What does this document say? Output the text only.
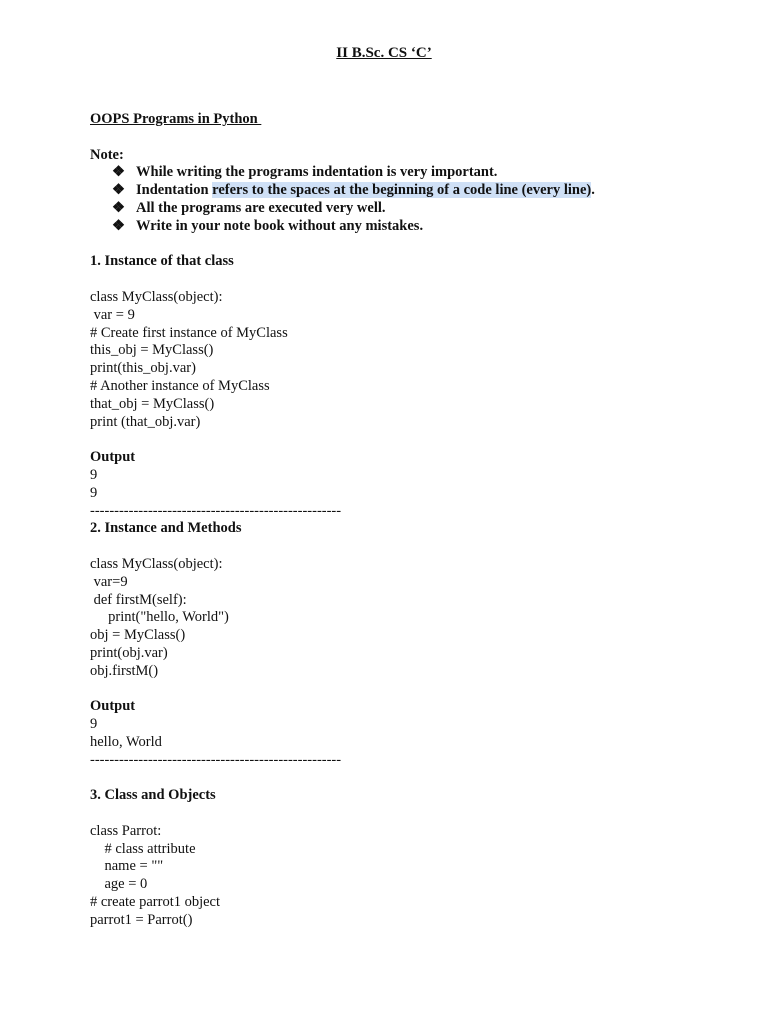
II B.Sc. CS ‘C’
OOPS Programs in Python
Note:
❖ While writing the programs indentation is very important.
❖ Indentation refers to the spaces at the beginning of a code line (every line).
❖ All the programs are executed very well.
❖ Write in your note book without any mistakes.
1. Instance of that class
class MyClass(object):
var = 9
# Create first instance of MyClass
this_obj = MyClass()
print(this_obj.var)
# Another instance of MyClass
that_obj = MyClass()
print (that_obj.var)
Output
9
9
----------------------------------------------------
2. Instance and Methods
class MyClass(object):
var=9
def firstM(self):
print("hello, World")
obj = MyClass()
print(obj.var)
obj.firstM()
Output
9
hello, World
----------------------------------------------------
3. Class and Objects
class Parrot:
# class attribute
name = ""
age = 0
# create parrot1 object
parrot1 = Parrot()
